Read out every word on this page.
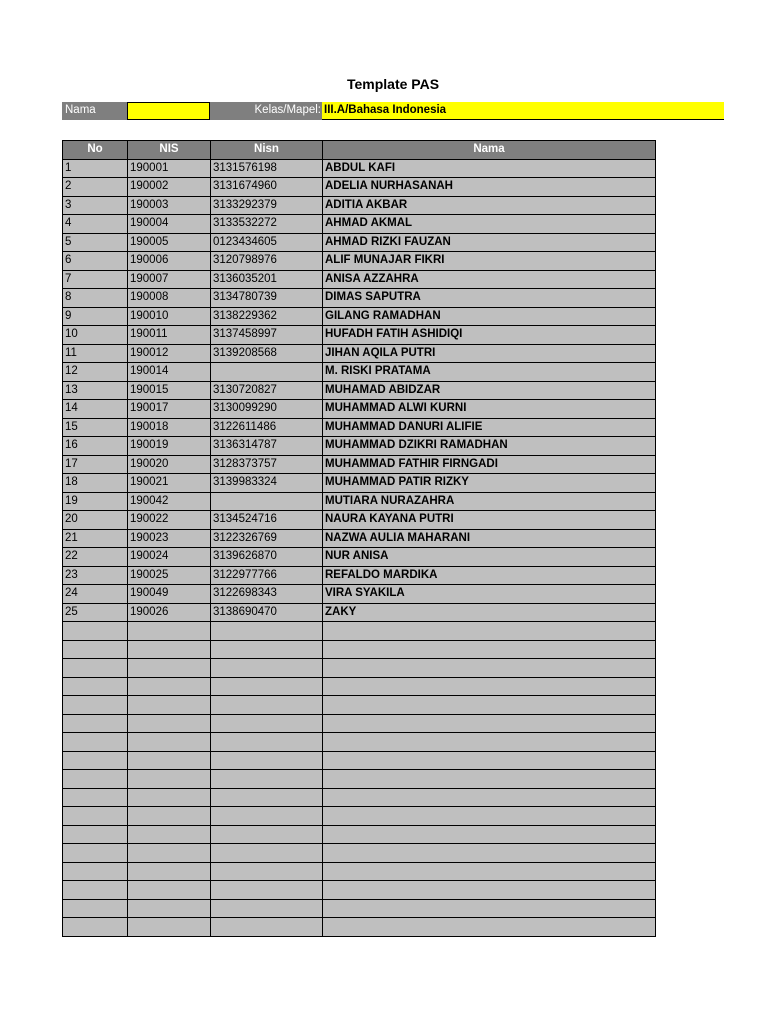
Template PAS
Nama	Kelas/Mapel: III.A/Bahasa Indonesia
No	NIS	Nisn	Nama
1	190001	3131576198	ABDUL KAFI
2	190002	3131674960	ADELIA NURHASANAH
3	190003	3133292379	ADITIA AKBAR
4	190004	3133532272	AHMAD AKMAL
5	190005	0123434605	AHMAD RIZKI FAUZAN
6	190006	3120798976	ALIF MUNAJAR FIKRI
7	190007	3136035201	ANISA AZZAHRA
8	190008	3134780739	DIMAS SAPUTRA
9	190010	3138229362	GILANG RAMADHAN
10	190011	3137458997	HUFADH FATIH ASHIDIQI
11	190012	3139208568	JIHAN AQILA PUTRI
12	190014		M. RISKI PRATAMA
13	190015	3130720827	MUHAMAD ABIDZAR
14	190017	3130099290	MUHAMMAD ALWI KURNI
15	190018	3122611486	MUHAMMAD DANURI ALIFIE
16	190019	3136314787	MUHAMMAD DZIKRI RAMADHAN
17	190020	3128373757	MUHAMMAD FATHIR FIRNGADI
18	190021	3139983324	MUHAMMAD PATIR RIZKY
19	190042		MUTIARA NURAZAHRA
20	190022	3134524716	NAURA KAYANA PUTRI
21	190023	3122326769	NAZWA AULIA MAHARANI
22	190024	3139626870	NUR ANISA
23	190025	3122977766	REFALDO MARDIKA
24	190049	3122698343	VIRA SYAKILA
25	190026	3138690470	ZAKY
